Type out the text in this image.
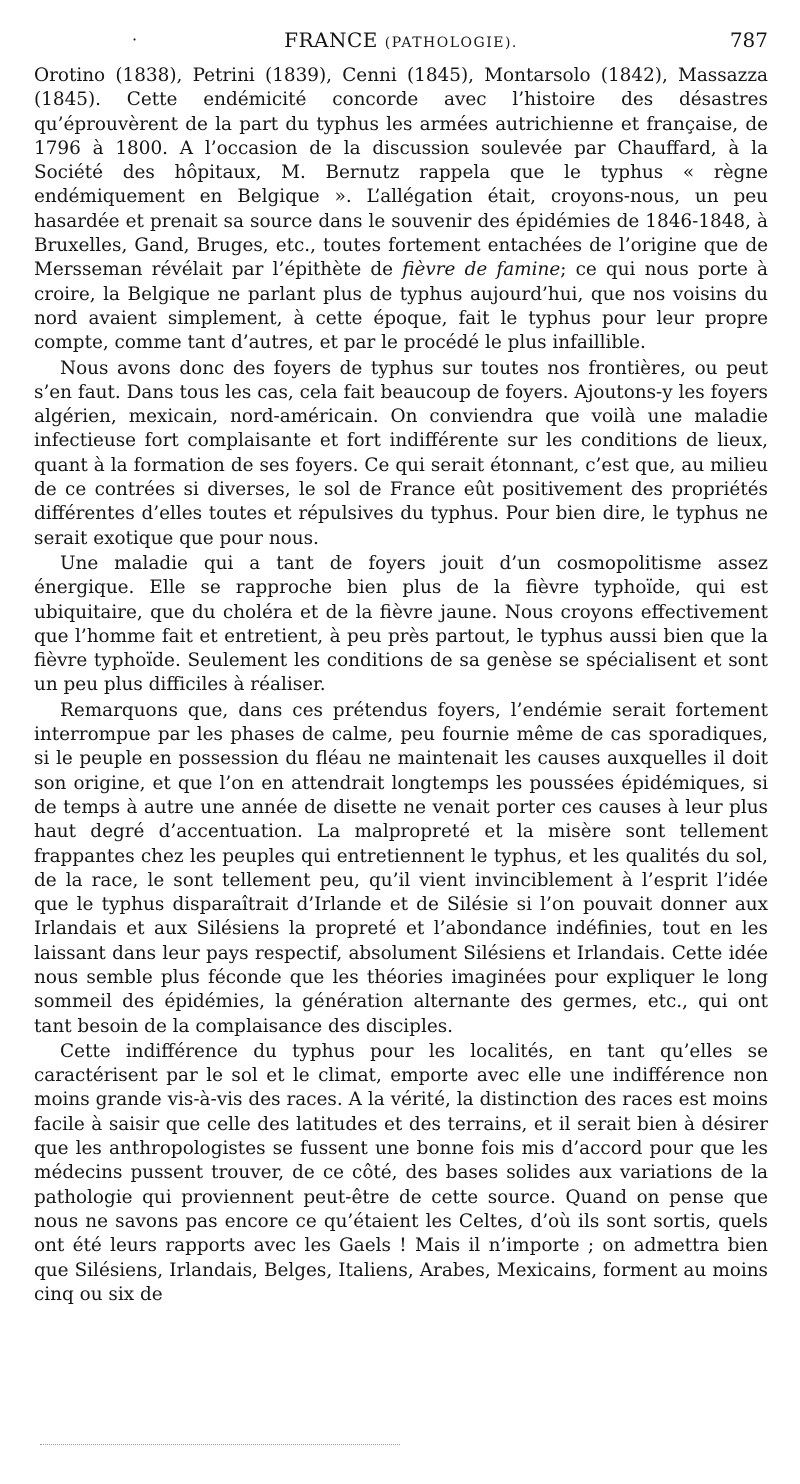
·	FRANCE (PATHOLOGIE).	787

Orotino (1838), Petrini (1839), Cenni (1845), Montarsolo (1842), Massazza (1845). Cette endémicité concorde avec l’histoire des désastres qu’éprouvèrent de la part du typhus les armées autrichienne et française, de 1796 à 1800. A l’occasion de la discussion soulevée par Chauffard, à la Société des hôpitaux, M. Bernutz rappela que le typhus « règne endémiquement en Belgique ». L’allégation était, croyons-nous, un peu hasardée et prenait sa source dans le souvenir des épidémies de 1846-1848, à Bruxelles, Gand, Bruges, etc., toutes fortement entachées de l’origine que de Mersseman révélait par l’épithète de fièvre de famine; ce qui nous porte à croire, la Belgique ne parlant plus de typhus aujourd’hui, que nos voisins du nord avaient simplement, à cette époque, fait le typhus pour leur propre compte, comme tant d’autres, et par le procédé le plus infaillible.

Nous avons donc des foyers de typhus sur toutes nos frontières, ou peut s’en faut. Dans tous les cas, cela fait beaucoup de foyers. Ajoutons-y les foyers algérien, mexicain, nord-américain. On conviendra que voilà une maladie infectieuse fort complaisante et fort indifférente sur les conditions de lieux, quant à la formation de ses foyers. Ce qui serait étonnant, c’est que, au milieu de ce contrées si diverses, le sol de France eût positivement des propriétés différentes d’elles toutes et répulsives du typhus. Pour bien dire, le typhus ne serait exotique que pour nous.

Une maladie qui a tant de foyers jouit d’un cosmopolitisme assez énergique. Elle se rapproche bien plus de la fièvre typhoïde, qui est ubiquitaire, que du choléra et de la fièvre jaune. Nous croyons effectivement que l’homme fait et entretient, à peu près partout, le typhus aussi bien que la fièvre typhoïde. Seulement les conditions de sa genèse se spécialisent et sont un peu plus difficiles à réaliser.

Remarquons que, dans ces prétendus foyers, l’endémie serait fortement interrompue par les phases de calme, peu fournie même de cas sporadiques, si le peuple en possession du fléau ne maintenait les causes auxquelles il doit son origine, et que l’on en attendrait longtemps les poussées épidémiques, si de temps à autre une année de disette ne venait porter ces causes à leur plus haut degré d’accentuation. La malpropreté et la misère sont tellement frappantes chez les peuples qui entretiennent le typhus, et les qualités du sol, de la race, le sont tellement peu, qu’il vient invinciblement à l’esprit l’idée que le typhus disparaîtrait d’Irlande et de Silésie si l’on pouvait donner aux Irlandais et aux Silésiens la propreté et l’abondance indéfinies, tout en les laissant dans leur pays respectif, absolument Silésiens et Irlandais. Cette idée nous semble plus féconde que les théories imaginées pour expliquer le long sommeil des épidémies, la génération alternante des germes, etc., qui ont tant besoin de la complaisance des disciples.

Cette indifférence du typhus pour les localités, en tant qu’elles se caractérisent par le sol et le climat, emporte avec elle une indifférence non moins grande vis-à-vis des races. A la vérité, la distinction des races est moins facile à saisir que celle des latitudes et des terrains, et il serait bien à désirer que les anthropologistes se fussent une bonne fois mis d’accord pour que les médecins pussent trouver, de ce côté, des bases solides aux variations de la pathologie qui proviennent peut-être de cette source. Quand on pense que nous ne savons pas encore ce qu’étaient les Celtes, d’où ils sont sortis, quels ont été leurs rapports avec les Gaels ! Mais il n’importe ; on admettra bien que Silésiens, Irlandais, Belges, Italiens, Arabes, Mexicains, forment au moins cinq ou six de
